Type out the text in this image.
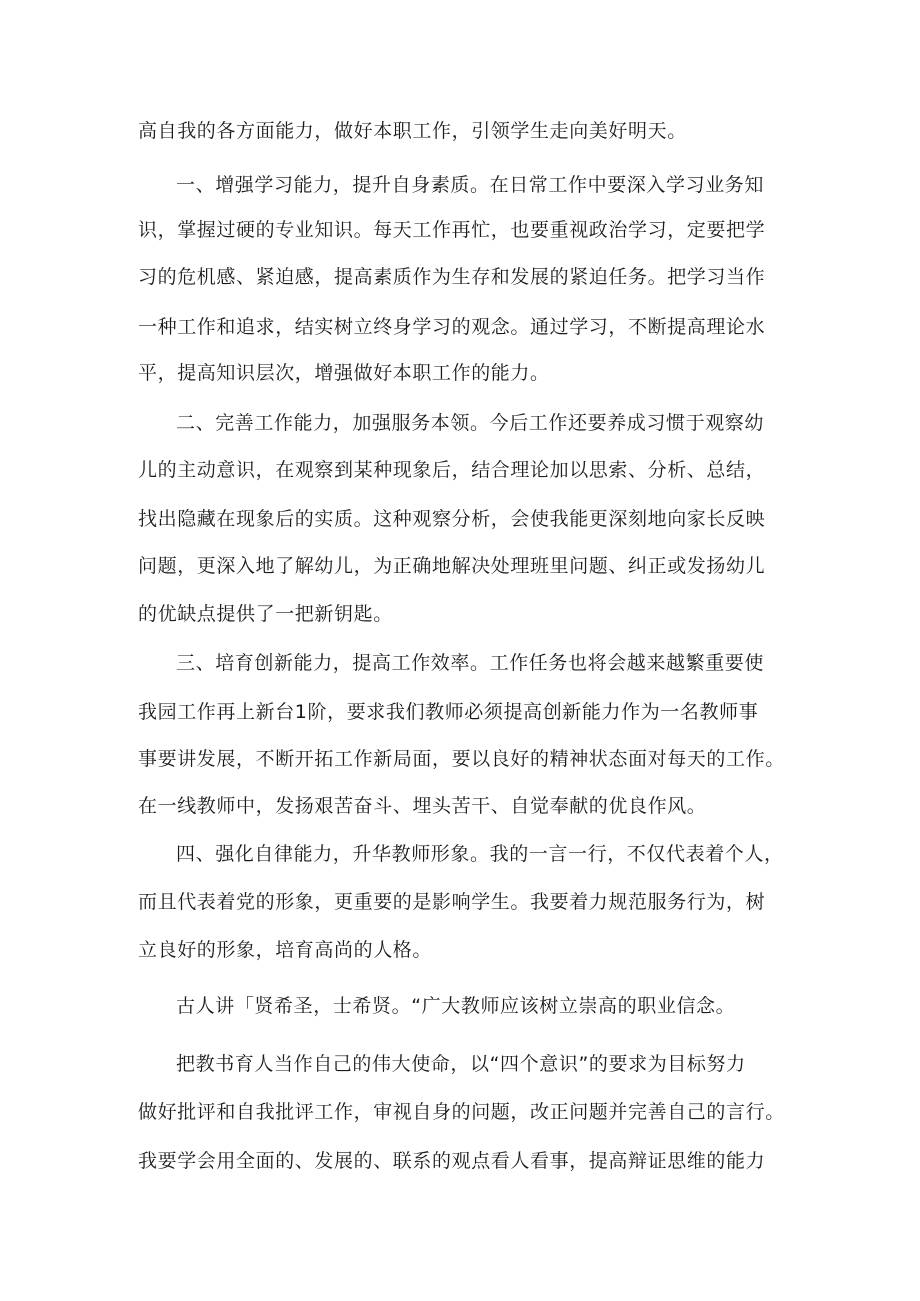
高自我的各方面能力，做好本职工作，引领学生走向美好明天。
一、增强学习能力，提升自身素质。在日常工作中要深入学习业务知
识，掌握过硬的专业知识。每天工作再忙，也要重视政治学习，定要把学
习的危机感、紧迫感，提高素质作为生存和发展的紧迫任务。把学习当作
一种工作和追求，结实树立终身学习的观念。通过学习，不断提高理论水
平，提高知识层次，增强做好本职工作的能力。
二、完善工作能力，加强服务本领。今后工作还要养成习惯于观察幼
儿的主动意识，在观察到某种现象后，结合理论加以思索、分析、总结，
找出隐藏在现象后的实质。这种观察分析，会使我能更深刻地向家长反映
问题，更深入地了解幼儿，为正确地解决处理班里问题、纠正或发扬幼儿
的优缺点提供了一把新钥匙。
三、培育创新能力，提高工作效率。工作任务也将会越来越繁重要使
我园工作再上新台1阶，要求我们教师必须提高创新能力作为一名教师事
事要讲发展，不断开拓工作新局面，要以良好的精神状态面对每天的工作。
在一线教师中，发扬艰苦奋斗、埋头苦干、自觉奉献的优良作风。
四、强化自律能力，升华教师形象。我的一言一行，不仅代表着个人，
而且代表着党的形象，更重要的是影响学生。我要着力规范服务行为，树
立良好的形象，培育高尚的人格。
古人讲「贤希圣，士希贤。“广大教师应该树立崇高的职业信念。
把教书育人当作自己的伟大使命，以“四个意识”的要求为目标努力
做好批评和自我批评工作，审视自身的问题，改正问题并完善自己的言行。
我要学会用全面的、发展的、联系的观点看人看事，提高辩证思维的能力
